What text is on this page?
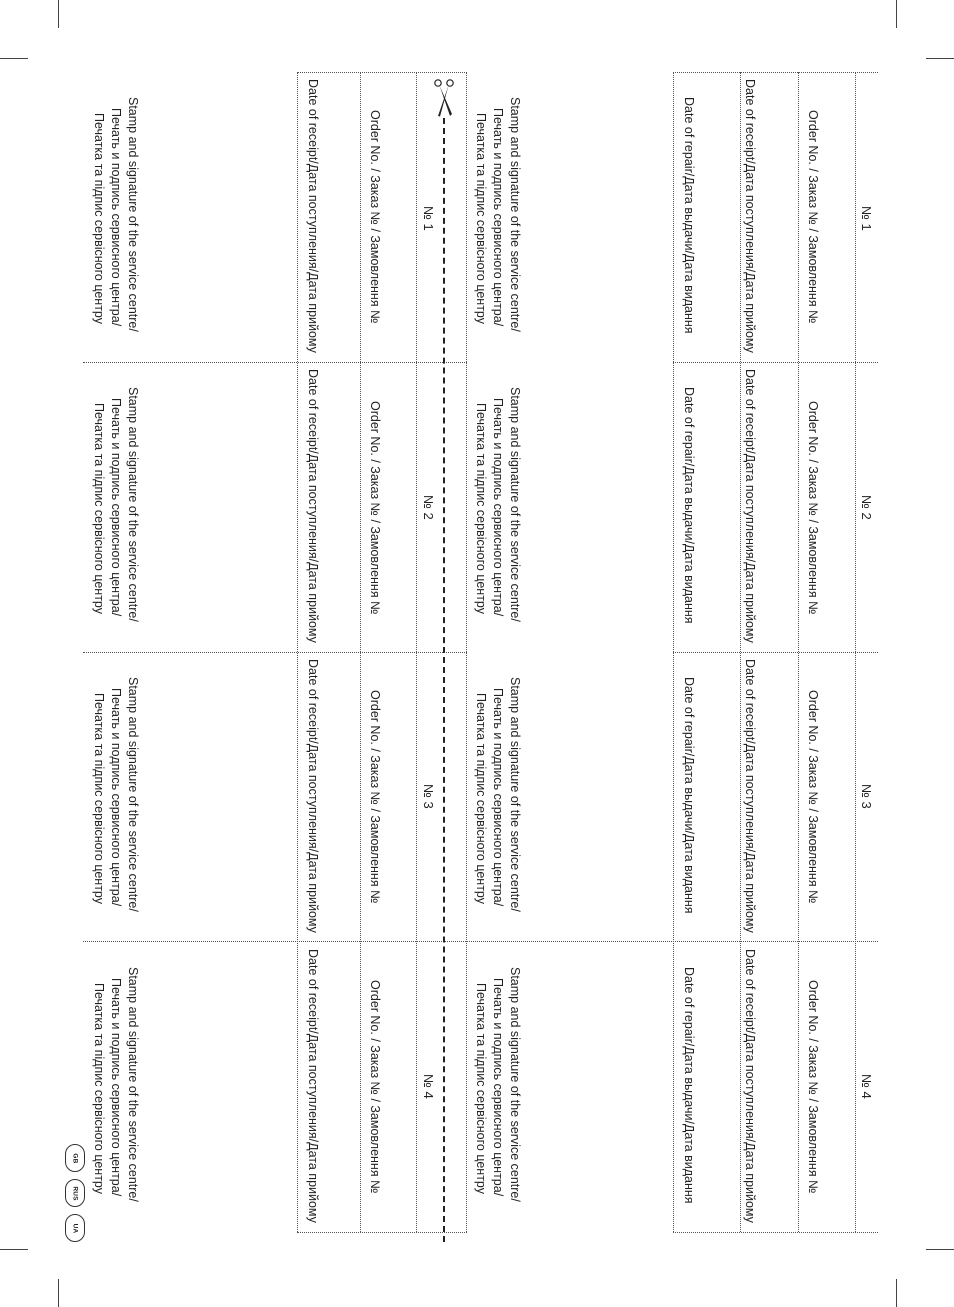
№ 1
№ 2
№ 3
№ 4
Order No. / Заказ № / Замовлення №
Order No. / Заказ № / Замовлення №
Order No. / Заказ № / Замовлення №
Order No. / Заказ № / Замовлення №
Date of receipt/Дата поступления/Дата прийому
Date of receipt/Дата поступления/Дата прийому
Date of receipt/Дата поступления/Дата прийому
Date of receipt/Дата поступления/Дата прийому
Date of repair/Дата выдачи/Дата видання
Date of repair/Дата выдачи/Дата видання
Date of repair/Дата выдачи/Дата видання
Date of repair/Дата выдачи/Дата видання
Stamp and signature of the service centre/
Печать и подпись сервисного центра/
Печатка та підпис сервісного центру
Stamp and signature of the service centre/
Печать и подпись сервисного центра/
Печатка та підпис сервісного центру
Stamp and signature of the service centre/
Печать и подпись сервисного центра/
Печатка та підпис сервісного центру
Stamp and signature of the service centre/
Печать и подпись сервисного центра/
Печатка та підпис сервісного центру
№ 1
№ 2
№ 3
№ 4
Order No. / Заказ № / Замовлення №
Order No. / Заказ № / Замовлення №
Order No. / Заказ № / Замовлення №
Order No. / Заказ № / Замовлення №
Date of receipt/Дата поступления/Дата прийому
Date of receipt/Дата поступления/Дата прийому
Date of receipt/Дата поступления/Дата прийому
Date of receipt/Дата поступления/Дата прийому
Stamp and signature of the service centre/
Печать и подпись сервисного центра/
Печатка та підпис сервісного центру
Stamp and signature of the service centre/
Печать и подпись сервисного центра/
Печатка та підпис сервісного центру
Stamp and signature of the service centre/
Печать и подпись сервисного центра/
Печатка та підпис сервісного центру
Stamp and signature of the service centre/
Печать и подпись сервисного центра/
Печатка та підпис сервісного центру
GB
RUS
UA
